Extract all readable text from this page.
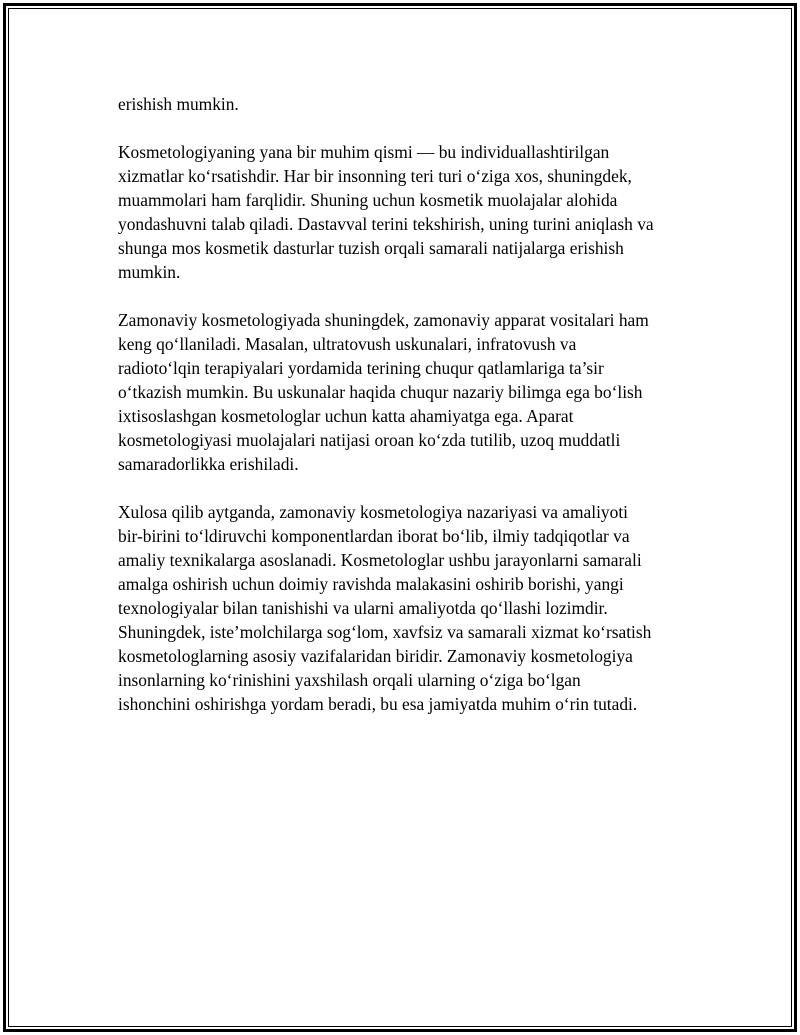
erishish mumkin.
Kosmetologiyaning yana bir muhim qismi — bu individuallashtirilgan
xizmatlar ko‘rsatishdir. Har bir insonning teri turi o‘ziga xos, shuningdek,
muammolari ham farqlidir. Shuning uchun kosmetik muolajalar alohida
yondashuvni talab qiladi. Dastavval terini tekshirish, uning turini aniqlash va
shunga mos kosmetik dasturlar tuzish orqali samarali natijalarga erishish
mumkin.
Zamonaviy kosmetologiyada shuningdek, zamonaviy apparat vositalari ham
keng qo‘llaniladi. Masalan, ultratovush uskunalari, infratovush va
radioto‘lqin terapiyalari yordamida terining chuqur qatlamlariga ta’sir
o‘tkazish mumkin. Bu uskunalar haqida chuqur nazariy bilimga ega bo‘lish
ixtisoslashgan kosmetologlar uchun katta ahamiyatga ega. Aparat
kosmetologiyasi muolajalari natijasi oroan ko‘zda tutilib, uzoq muddatli
samaradorlikka erishiladi.
Xulosa qilib aytganda, zamonaviy kosmetologiya nazariyasi va amaliyoti
bir-birini to‘ldiruvchi komponentlardan iborat bo‘lib, ilmiy tadqiqotlar va
amaliy texnikalarga asoslanadi. Kosmetologlar ushbu jarayonlarni samarali
amalga oshirish uchun doimiy ravishda malakasini oshirib borishi, yangi
texnologiyalar bilan tanishishi va ularni amaliyotda qo‘llashi lozimdir.
Shuningdek, iste’molchilarga sog‘lom, xavfsiz va samarali xizmat ko‘rsatish
kosmetologlarning asosiy vazifalaridan biridir. Zamonaviy kosmetologiya
insonlarning ko‘rinishini yaxshilash orqali ularning o‘ziga bo‘lgan
ishonchini oshirishga yordam beradi, bu esa jamiyatda muhim o‘rin tutadi.
